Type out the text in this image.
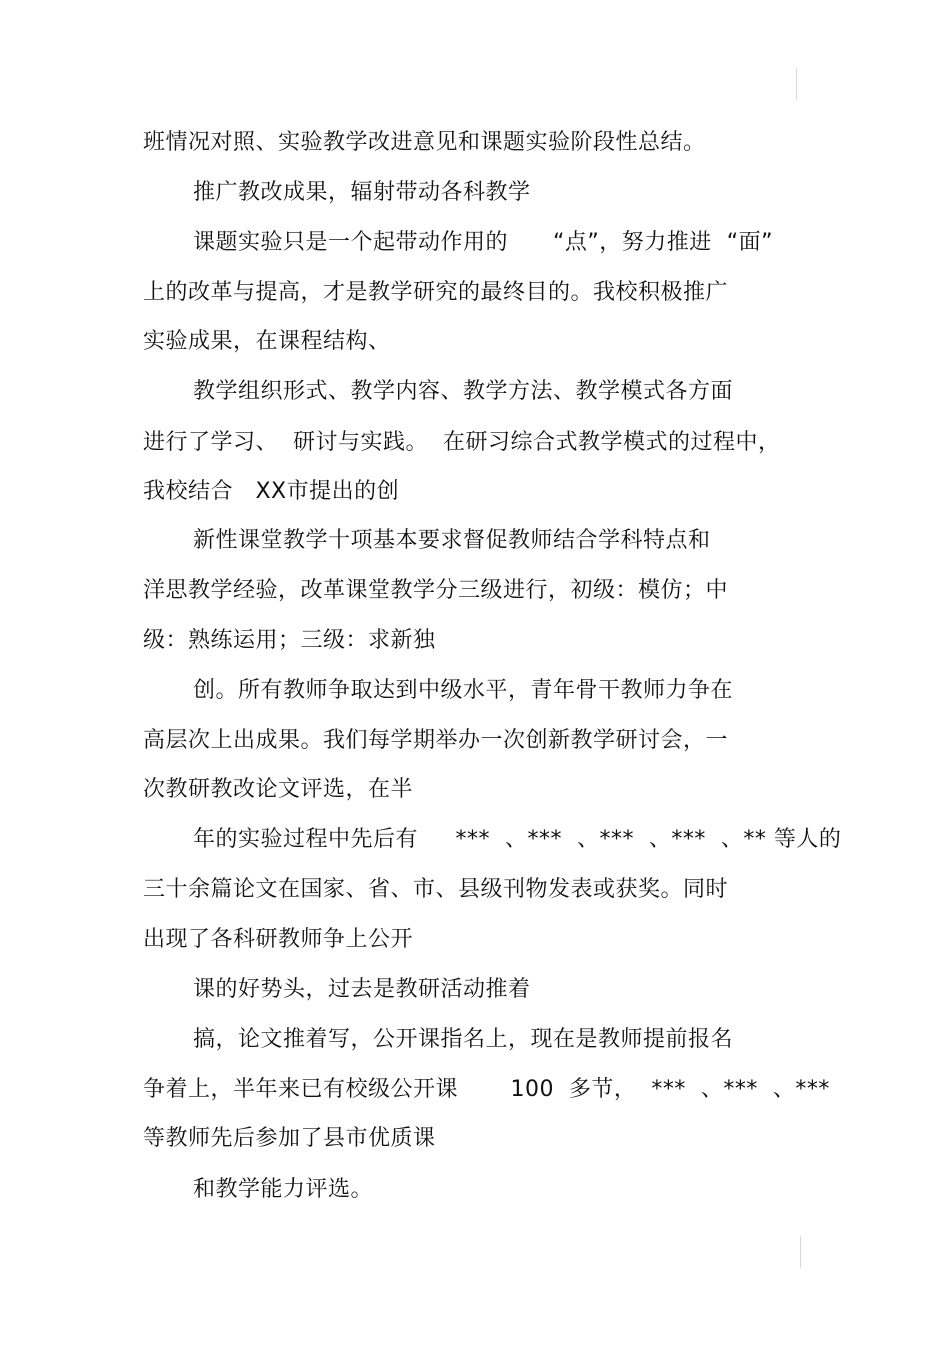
班情况对照、实验教学改进意见和课题实验阶段性总结。
推广教改成果，辐射带动各科教学
课题实验只是一个起带动作用的      “点”，努力推进  “面”
上的改革与提高，才是教学研究的最终目的。我校积极推广
实验成果，在课程结构、
教学组织形式、教学内容、教学方法、教学模式各方面
进行了学习、  研讨与实践。  在研习综合式教学模式的过程中，
我校结合   XX市提出的创
新性课堂教学十项基本要求督促教师结合学科特点和
洋思教学经验，改革课堂教学分三级进行，初级：模仿；中
级：熟练运用；三级：求新独
创。所有教师争取达到中级水平，青年骨干教师力争在
高层次上出成果。我们每学期举办一次创新教学研讨会，一
次教研教改论文评选，在半
年的实验过程中先后有     ***  、***  、***  、***  、** 等人的
三十余篇论文在国家、省、市、县级刊物发表或获奖。同时
出现了各科研教师争上公开
课的好势头，过去是教研活动推着
搞，论文推着写，公开课指名上，现在是教师提前报名
争着上，半年来已有校级公开课       100  多节，  ***  、***  、***
等教师先后参加了县市优质课
和教学能力评选。
